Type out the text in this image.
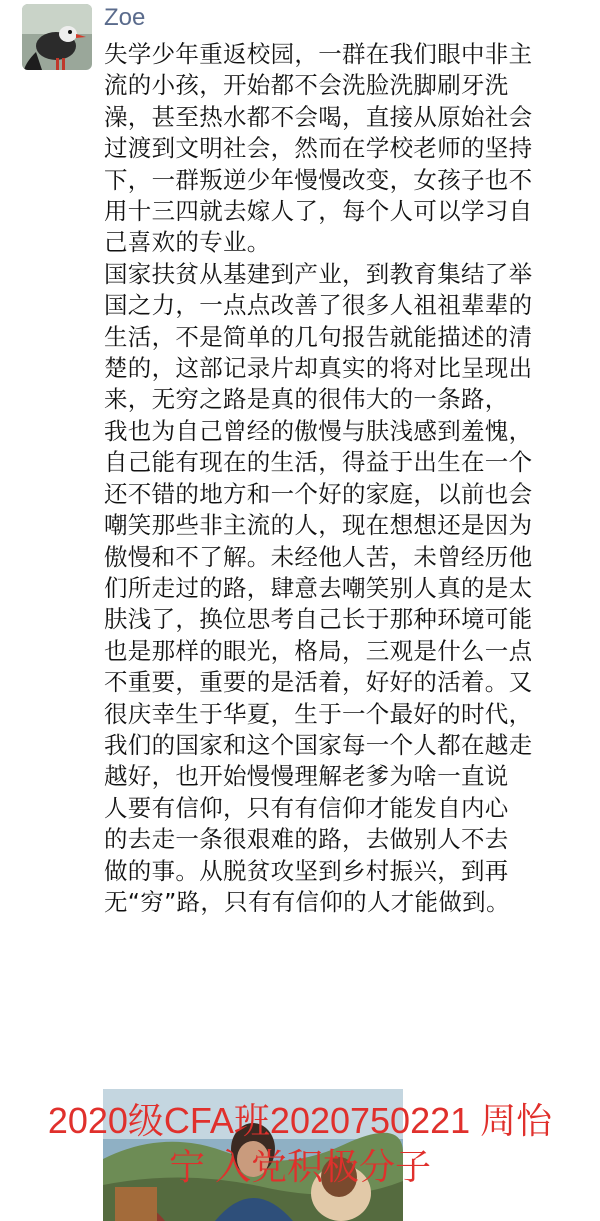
Zoe

失学少年重返校园，一群在我们眼中非主
流的小孩，开始都不会洗脸洗脚刷牙洗
澡，甚至热水都不会喝，直接从原始社会
过渡到文明社会，然而在学校老师的坚持
下，一群叛逆少年慢慢改变，女孩子也不
用十三四就去嫁人了，每个人可以学习自
己喜欢的专业。

国家扶贫从基建到产业，到教育集结了举
国之力，一点点改善了很多人祖祖辈辈的
生活，不是简单的几句报告就能描述的清
楚的，这部记录片却真实的将对比呈现出
来，无穷之路是真的很伟大的一条路，

我也为自己曾经的傲慢与肤浅感到羞愧，
自己能有现在的生活，得益于出生在一个
还不错的地方和一个好的家庭，以前也会
嘲笑那些非主流的人，现在想想还是因为
傲慢和不了解。未经他人苦，未曾经历他
们所走过的路，肆意去嘲笑别人真的是太
肤浅了，换位思考自己长于那种环境可能
也是那样的眼光，格局，三观是什么一点
不重要，重要的是活着，好好的活着。又
很庆幸生于华夏，生于一个最好的时代，
我们的国家和这个国家每一个人都在越走
越好，也开始慢慢理解老爹为啥一直说
人要有信仰，只有有信仰才能发自内心
的去走一条很艰难的路，去做别人不去
做的事。从脱贫攻坚到乡村振兴，到再
无“穷”路，只有有信仰的人才能做到。

2020级CFA班2020750221 周怡
宁 入党积极分子
